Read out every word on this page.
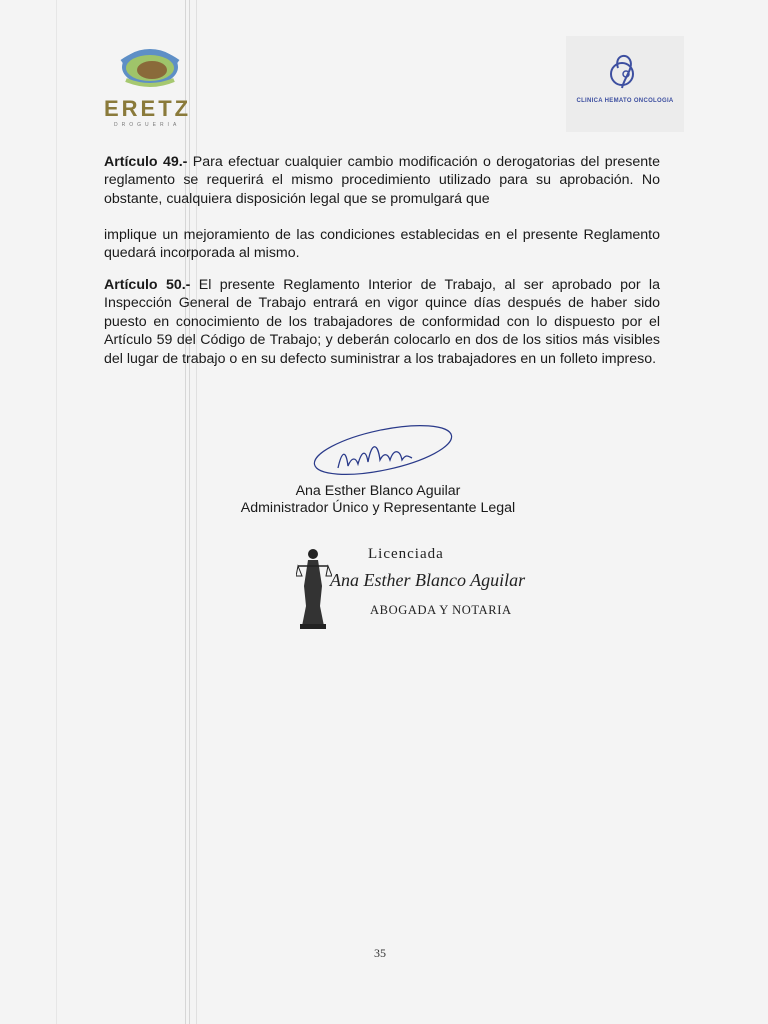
ERETZ
DROGUERIA
CLINICA HEMATO ONCOLOGIA
Artículo 49.- Para efectuar cualquier cambio modificación o derogatorias del presente reglamento se requerirá el mismo procedimiento utilizado para su aprobación. No obstante, cualquiera disposición legal que se promulgará que
implique un mejoramiento de las condiciones establecidas en el presente Reglamento quedará incorporada al mismo.
Artículo 50.- El presente Reglamento Interior de Trabajo, al ser aprobado por la Inspección General de Trabajo entrará en vigor quince días después de haber sido puesto en conocimiento de los trabajadores de conformidad con lo dispuesto por el Artículo 59 del Código de Trabajo; y deberán colocarlo en dos de los sitios más visibles del lugar de trabajo o en su defecto suministrar a los trabajadores en un folleto impreso.
Ana Esther Blanco Aguilar
Administrador Único y Representante Legal
Licenciada
Ana Esther Blanco Aguilar
ABOGADA Y NOTARIA
35
